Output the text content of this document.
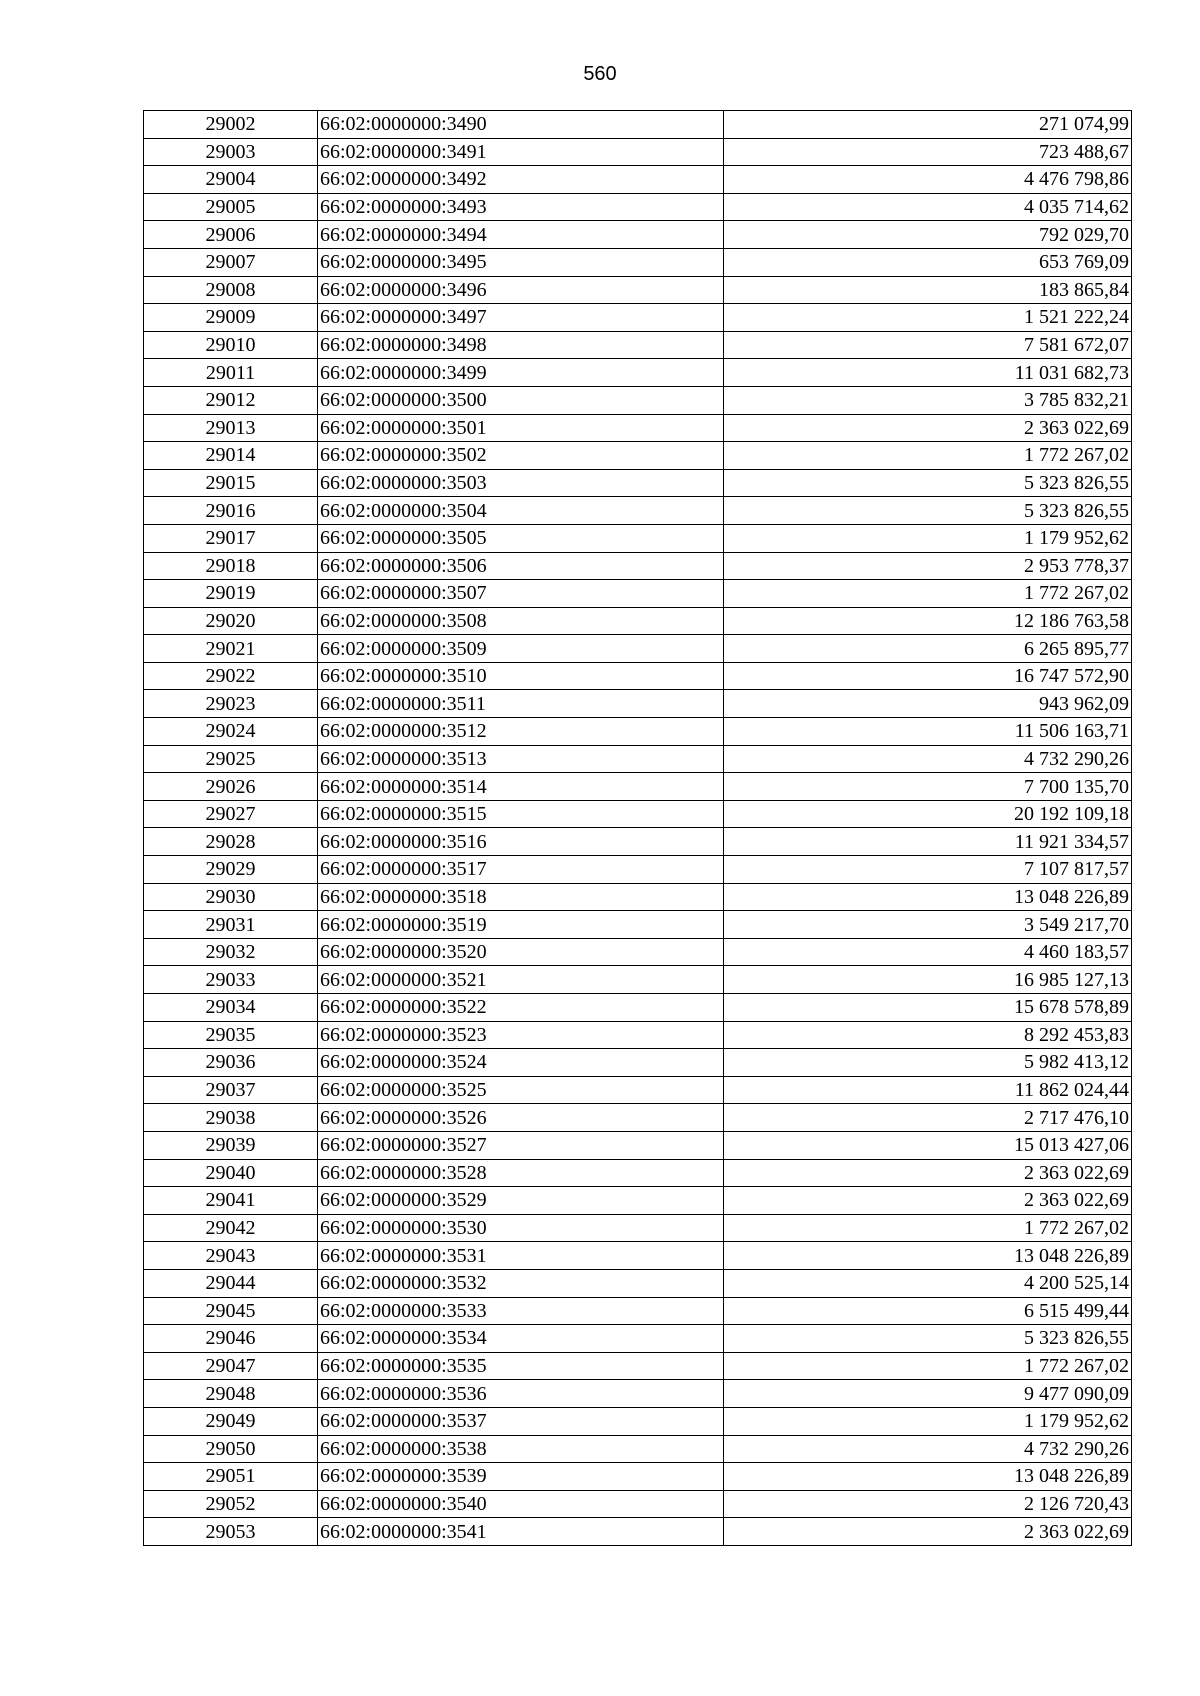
560
29002	66:02:0000000:3490	271 074,99
29003	66:02:0000000:3491	723 488,67
29004	66:02:0000000:3492	4 476 798,86
29005	66:02:0000000:3493	4 035 714,62
29006	66:02:0000000:3494	792 029,70
29007	66:02:0000000:3495	653 769,09
29008	66:02:0000000:3496	183 865,84
29009	66:02:0000000:3497	1 521 222,24
29010	66:02:0000000:3498	7 581 672,07
29011	66:02:0000000:3499	11 031 682,73
29012	66:02:0000000:3500	3 785 832,21
29013	66:02:0000000:3501	2 363 022,69
29014	66:02:0000000:3502	1 772 267,02
29015	66:02:0000000:3503	5 323 826,55
29016	66:02:0000000:3504	5 323 826,55
29017	66:02:0000000:3505	1 179 952,62
29018	66:02:0000000:3506	2 953 778,37
29019	66:02:0000000:3507	1 772 267,02
29020	66:02:0000000:3508	12 186 763,58
29021	66:02:0000000:3509	6 265 895,77
29022	66:02:0000000:3510	16 747 572,90
29023	66:02:0000000:3511	943 962,09
29024	66:02:0000000:3512	11 506 163,71
29025	66:02:0000000:3513	4 732 290,26
29026	66:02:0000000:3514	7 700 135,70
29027	66:02:0000000:3515	20 192 109,18
29028	66:02:0000000:3516	11 921 334,57
29029	66:02:0000000:3517	7 107 817,57
29030	66:02:0000000:3518	13 048 226,89
29031	66:02:0000000:3519	3 549 217,70
29032	66:02:0000000:3520	4 460 183,57
29033	66:02:0000000:3521	16 985 127,13
29034	66:02:0000000:3522	15 678 578,89
29035	66:02:0000000:3523	8 292 453,83
29036	66:02:0000000:3524	5 982 413,12
29037	66:02:0000000:3525	11 862 024,44
29038	66:02:0000000:3526	2 717 476,10
29039	66:02:0000000:3527	15 013 427,06
29040	66:02:0000000:3528	2 363 022,69
29041	66:02:0000000:3529	2 363 022,69
29042	66:02:0000000:3530	1 772 267,02
29043	66:02:0000000:3531	13 048 226,89
29044	66:02:0000000:3532	4 200 525,14
29045	66:02:0000000:3533	6 515 499,44
29046	66:02:0000000:3534	5 323 826,55
29047	66:02:0000000:3535	1 772 267,02
29048	66:02:0000000:3536	9 477 090,09
29049	66:02:0000000:3537	1 179 952,62
29050	66:02:0000000:3538	4 732 290,26
29051	66:02:0000000:3539	13 048 226,89
29052	66:02:0000000:3540	2 126 720,43
29053	66:02:0000000:3541	2 363 022,69
